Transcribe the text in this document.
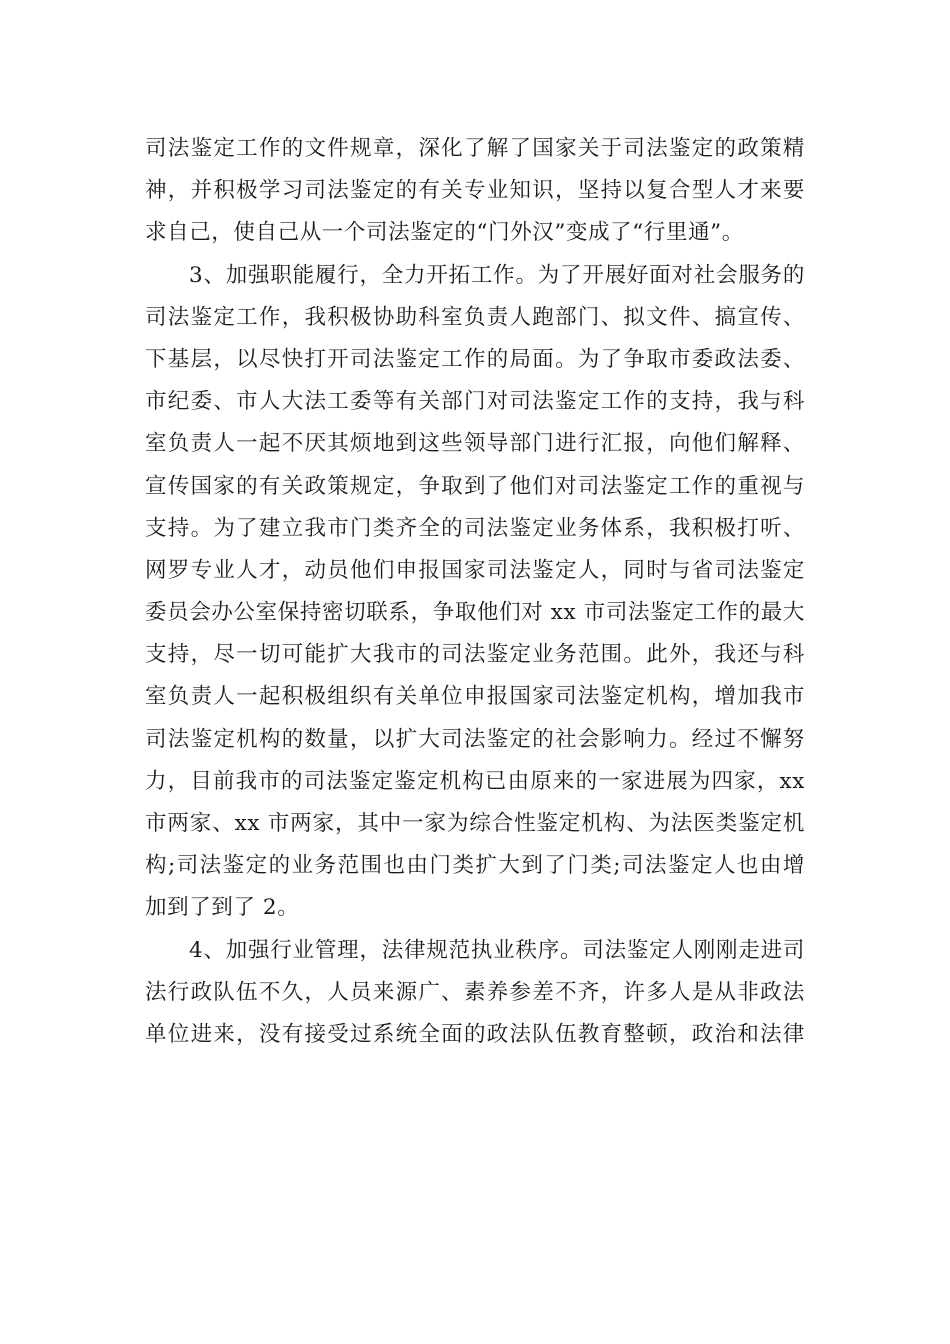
司法鉴定工作的文件规章，深化了解了国家关于司法鉴定的政策精
神，并积极学习司法鉴定的有关专业知识，坚持以复合型人才来要
求自己，使自己从一个司法鉴定的“门外汉”变成了“行里通”。
3、加强职能履行，全力开拓工作。为了开展好面对社会服务的
司法鉴定工作，我积极协助科室负责人跑部门、拟文件、搞宣传、
下基层，以尽快打开司法鉴定工作的局面。为了争取市委政法委、
市纪委、市人大法工委等有关部门对司法鉴定工作的支持，我与科
室负责人一起不厌其烦地到这些领导部门进行汇报，向他们解释、
宣传国家的有关政策规定，争取到了他们对司法鉴定工作的重视与
支持。为了建立我市门类齐全的司法鉴定业务体系，我积极打听、
网罗专业人才，动员他们申报国家司法鉴定人，同时与省司法鉴定
委员会办公室保持密切联系，争取他们对 xx 市司法鉴定工作的最大
支持，尽一切可能扩大我市的司法鉴定业务范围。此外，我还与科
室负责人一起积极组织有关单位申报国家司法鉴定机构，增加我市
司法鉴定机构的数量，以扩大司法鉴定的社会影响力。经过不懈努
力，目前我市的司法鉴定鉴定机构已由原来的一家进展为四家，xx
市两家、xx 市两家，其中一家为综合性鉴定机构、为法医类鉴定机
构;司法鉴定的业务范围也由门类扩大到了门类;司法鉴定人也由增
加到了到了 2。
4、加强行业管理，法律规范执业秩序。司法鉴定人刚刚走进司
法行政队伍不久，人员来源广、素养参差不齐，许多人是从非政法
单位进来，没有接受过系统全面的政法队伍教育整顿，政治和法律
